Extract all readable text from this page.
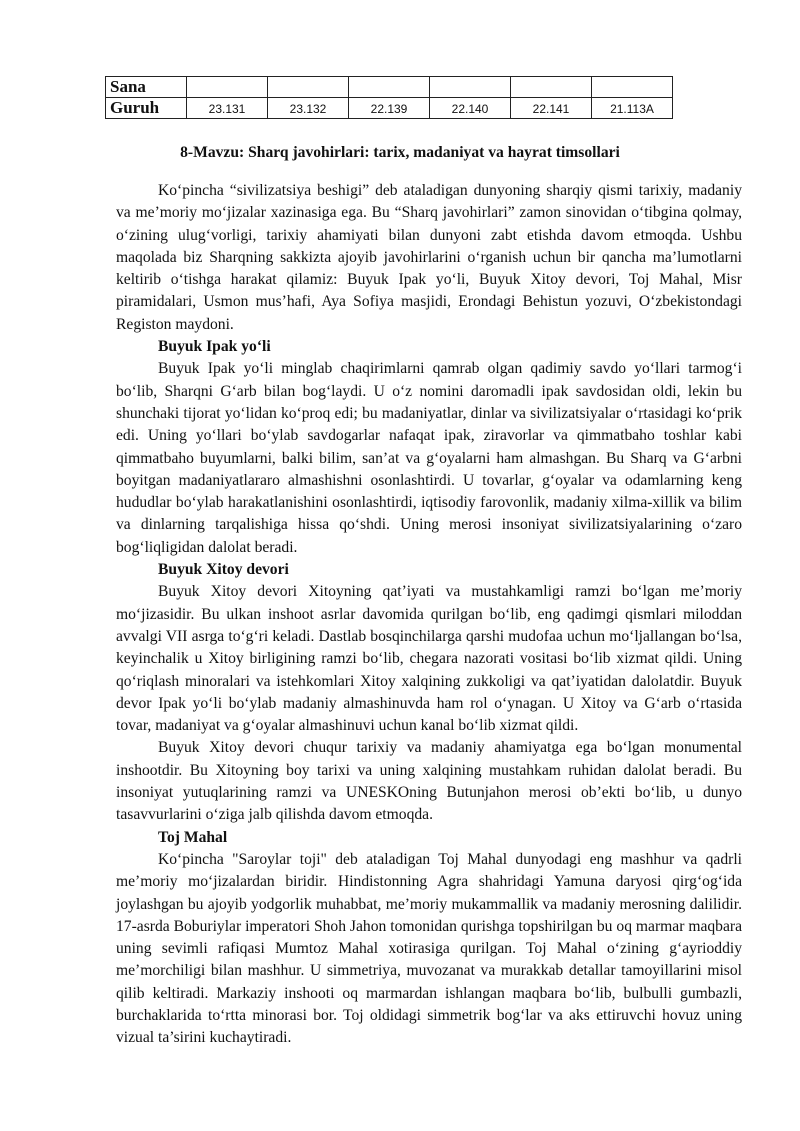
Sana						
Guruh	23.131	23.132	22.139	22.140	22.141	21.113A
8-Mavzu: Sharq javohirlari: tarix, madaniyat va hayrat timsollari

Ko‘pincha “sivilizatsiya beshigi” deb ataladigan dunyoning sharqiy qismi tarixiy, madaniy va me’moriy mo‘jizalar xazinasiga ega. Bu “Sharq javohirlari” zamon sinovidan o‘tibgina qolmay, o‘zining ulug‘vorligi, tarixiy ahamiyati bilan dunyoni zabt etishda davom etmoqda. Ushbu maqolada biz Sharqning sakkizta ajoyib javohirlarini o‘rganish uchun bir qancha ma’lumotlarni keltirib o‘tishga harakat qilamiz: Buyuk Ipak yo‘li, Buyuk Xitoy devori, Toj Mahal, Misr piramidalari, Usmon mus’hafi, Aya Sofiya masjidi, Erondagi Behistun yozuvi, O‘zbekistondagi Registon maydoni.

Buyuk Ipak yo‘li

Buyuk Ipak yo‘li minglab chaqirimlarni qamrab olgan qadimiy savdo yo‘llari tarmog‘i bo‘lib, Sharqni G‘arb bilan bog‘laydi. U o‘z nomini daromadli ipak savdosidan oldi, lekin bu shunchaki tijorat yo‘lidan ko‘proq edi; bu madaniyatlar, dinlar va sivilizatsiyalar o‘rtasidagi ko‘prik edi. Uning yo‘llari bo‘ylab savdogarlar nafaqat ipak, ziravorlar va qimmatbaho toshlar kabi qimmatbaho buyumlarni, balki bilim, san’at va g‘oyalarni ham almashgan. Bu Sharq va G‘arbni boyitgan madaniyatlararo almashishni osonlashtirdi. U tovarlar, g‘oyalar va odamlarning keng hududlar bo‘ylab harakatlanishini osonlashtirdi, iqtisodiy farovonlik, madaniy xilma-xillik va bilim va dinlarning tarqalishiga hissa qo‘shdi. Uning merosi insoniyat sivilizatsiyalarining o‘zaro bog‘liqligidan dalolat beradi.

Buyuk Xitoy devori

Buyuk Xitoy devori Xitoyning qat’iyati va mustahkamligi ramzi bo‘lgan me’moriy mo‘jizasidir. Bu ulkan inshoot asrlar davomida qurilgan bo‘lib, eng qadimgi qismlari miloddan avvalgi VII asrga to‘g‘ri keladi. Dastlab bosqinchilarga qarshi mudofaa uchun mo‘ljallangan bo‘lsa, keyinchalik u Xitoy birligining ramzi bo‘lib, chegara nazorati vositasi bo‘lib xizmat qildi. Uning qo‘riqlash minoralari va istehkomlari Xitoy xalqining zukkoligi va qat’iyatidan dalolatdir. Buyuk devor Ipak yo‘li bo‘ylab madaniy almashinuvda ham rol o‘ynagan. U Xitoy va G‘arb o‘rtasida tovar, madaniyat va g‘oyalar almashinuvi uchun kanal bo‘lib xizmat qildi.

Buyuk Xitoy devori chuqur tarixiy va madaniy ahamiyatga ega bo‘lgan monumental inshootdir. Bu Xitoyning boy tarixi va uning xalqining mustahkam ruhidan dalolat beradi. Bu insoniyat yutuqlarining ramzi va UNESKOning Butunjahon merosi ob’ekti bo‘lib, u dunyo tasavvurlarini o‘ziga jalb qilishda davom etmoqda.

Toj Mahal

Ko‘pincha "Saroylar toji" deb ataladigan Toj Mahal dunyodagi eng mashhur va qadrli me’moriy mo‘jizalardan biridir. Hindistonning Agra shahridagi Yamuna daryosi qirg‘og‘ida joylashgan bu ajoyib yodgorlik muhabbat, me’moriy mukammallik va madaniy merosning dalilidir. 17-asrda Boburiylar imperatori Shoh Jahon tomonidan qurishga topshirilgan bu oq marmar maqbara uning sevimli rafiqasi Mumtoz Mahal xotirasiga qurilgan. Toj Mahal o‘zining g‘ayrioddiy me’morchiligi bilan mashhur. U simmetriya, muvozanat va murakkab detallar tamoyillarini misol qilib keltiradi. Markaziy inshooti oq marmardan ishlangan maqbara bo‘lib, bulbulli gumbazli, burchaklarida to‘rtta minorasi bor. Toj oldidagi simmetrik bog‘lar va aks ettiruvchi hovuz uning vizual ta’sirini kuchaytiradi.
